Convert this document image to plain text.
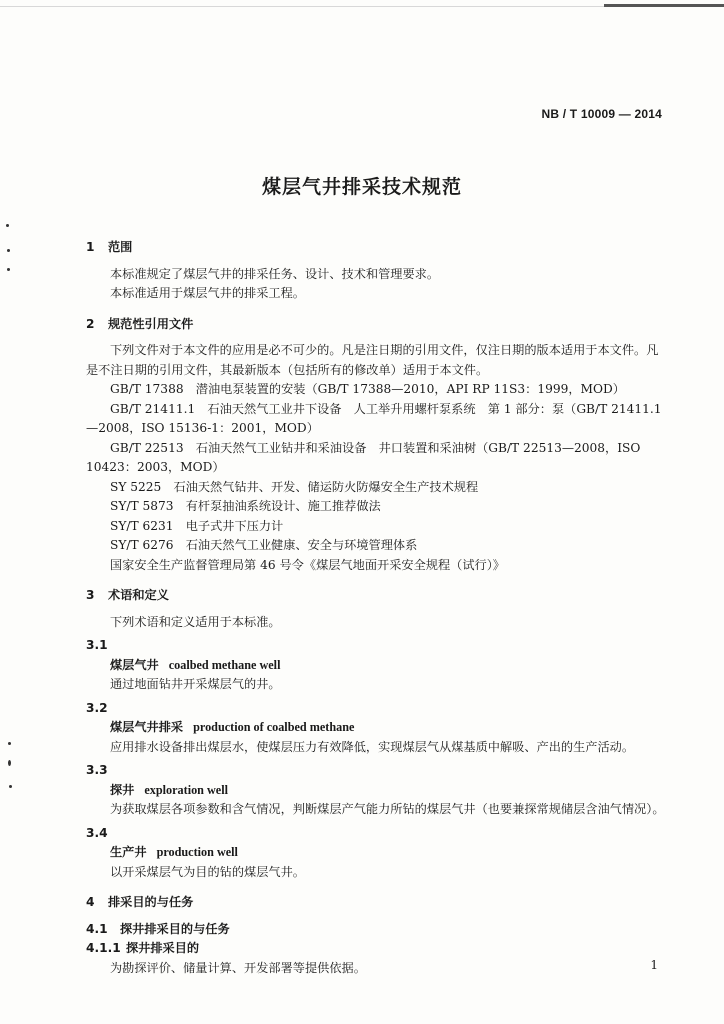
NB / T 10009 — 2014
煤层气井排采技术规范

1 范围

本标准规定了煤层气井的排采任务、设计、技术和管理要求。

本标准适用于煤层气井的排采工程。

2 规范性引用文件

下列文件对于本文件的应用是必不可少的。凡是注日期的引用文件，仅注日期的版本适用于本文件。凡是不注日期的引用文件，其最新版本（包括所有的修改单）适用于本文件。

GB/T 17388　潜油电泵装置的安装（GB/T 17388—2010，API RP 11S3：1999，MOD）

GB/T 21411.1　石油天然气工业井下设备　人工举升用螺杆泵系统　第 1 部分：泵（GB/T 21411.1—2008，ISO 15136-1：2001，MOD）

GB/T 22513　石油天然气工业钻井和采油设备　井口装置和采油树（GB/T 22513—2008，ISO 10423：2003，MOD）

SY 5225　石油天然气钻井、开发、储运防火防爆安全生产技术规程

SY/T 5873　有杆泵抽油系统设计、施工推荐做法

SY/T 6231　电子式井下压力计

SY/T 6276　石油天然气工业健康、安全与环境管理体系

国家安全生产监督管理局第 46 号令《煤层气地面开采安全规程（试行）》

3 术语和定义

下列术语和定义适用于本标准。

3.1

煤层气井 coalbed methane well

通过地面钻井开采煤层气的井。

3.2

煤层气井排采 production of coalbed methane

应用排水设备排出煤层水，使煤层压力有效降低，实现煤层气从煤基质中解吸、产出的生产活动。

3.3

探井 exploration well

为获取煤层各项参数和含气情况，判断煤层产气能力所钻的煤层气井（也要兼探常规储层含油气情况）。

3.4

生产井 production well

以开采煤层气为目的钻的煤层气井。

4 排采目的与任务

4.1 探井排采目的与任务

4.1.1 探井排采目的

为勘探评价、储量计算、开发部署等提供依据。	1
